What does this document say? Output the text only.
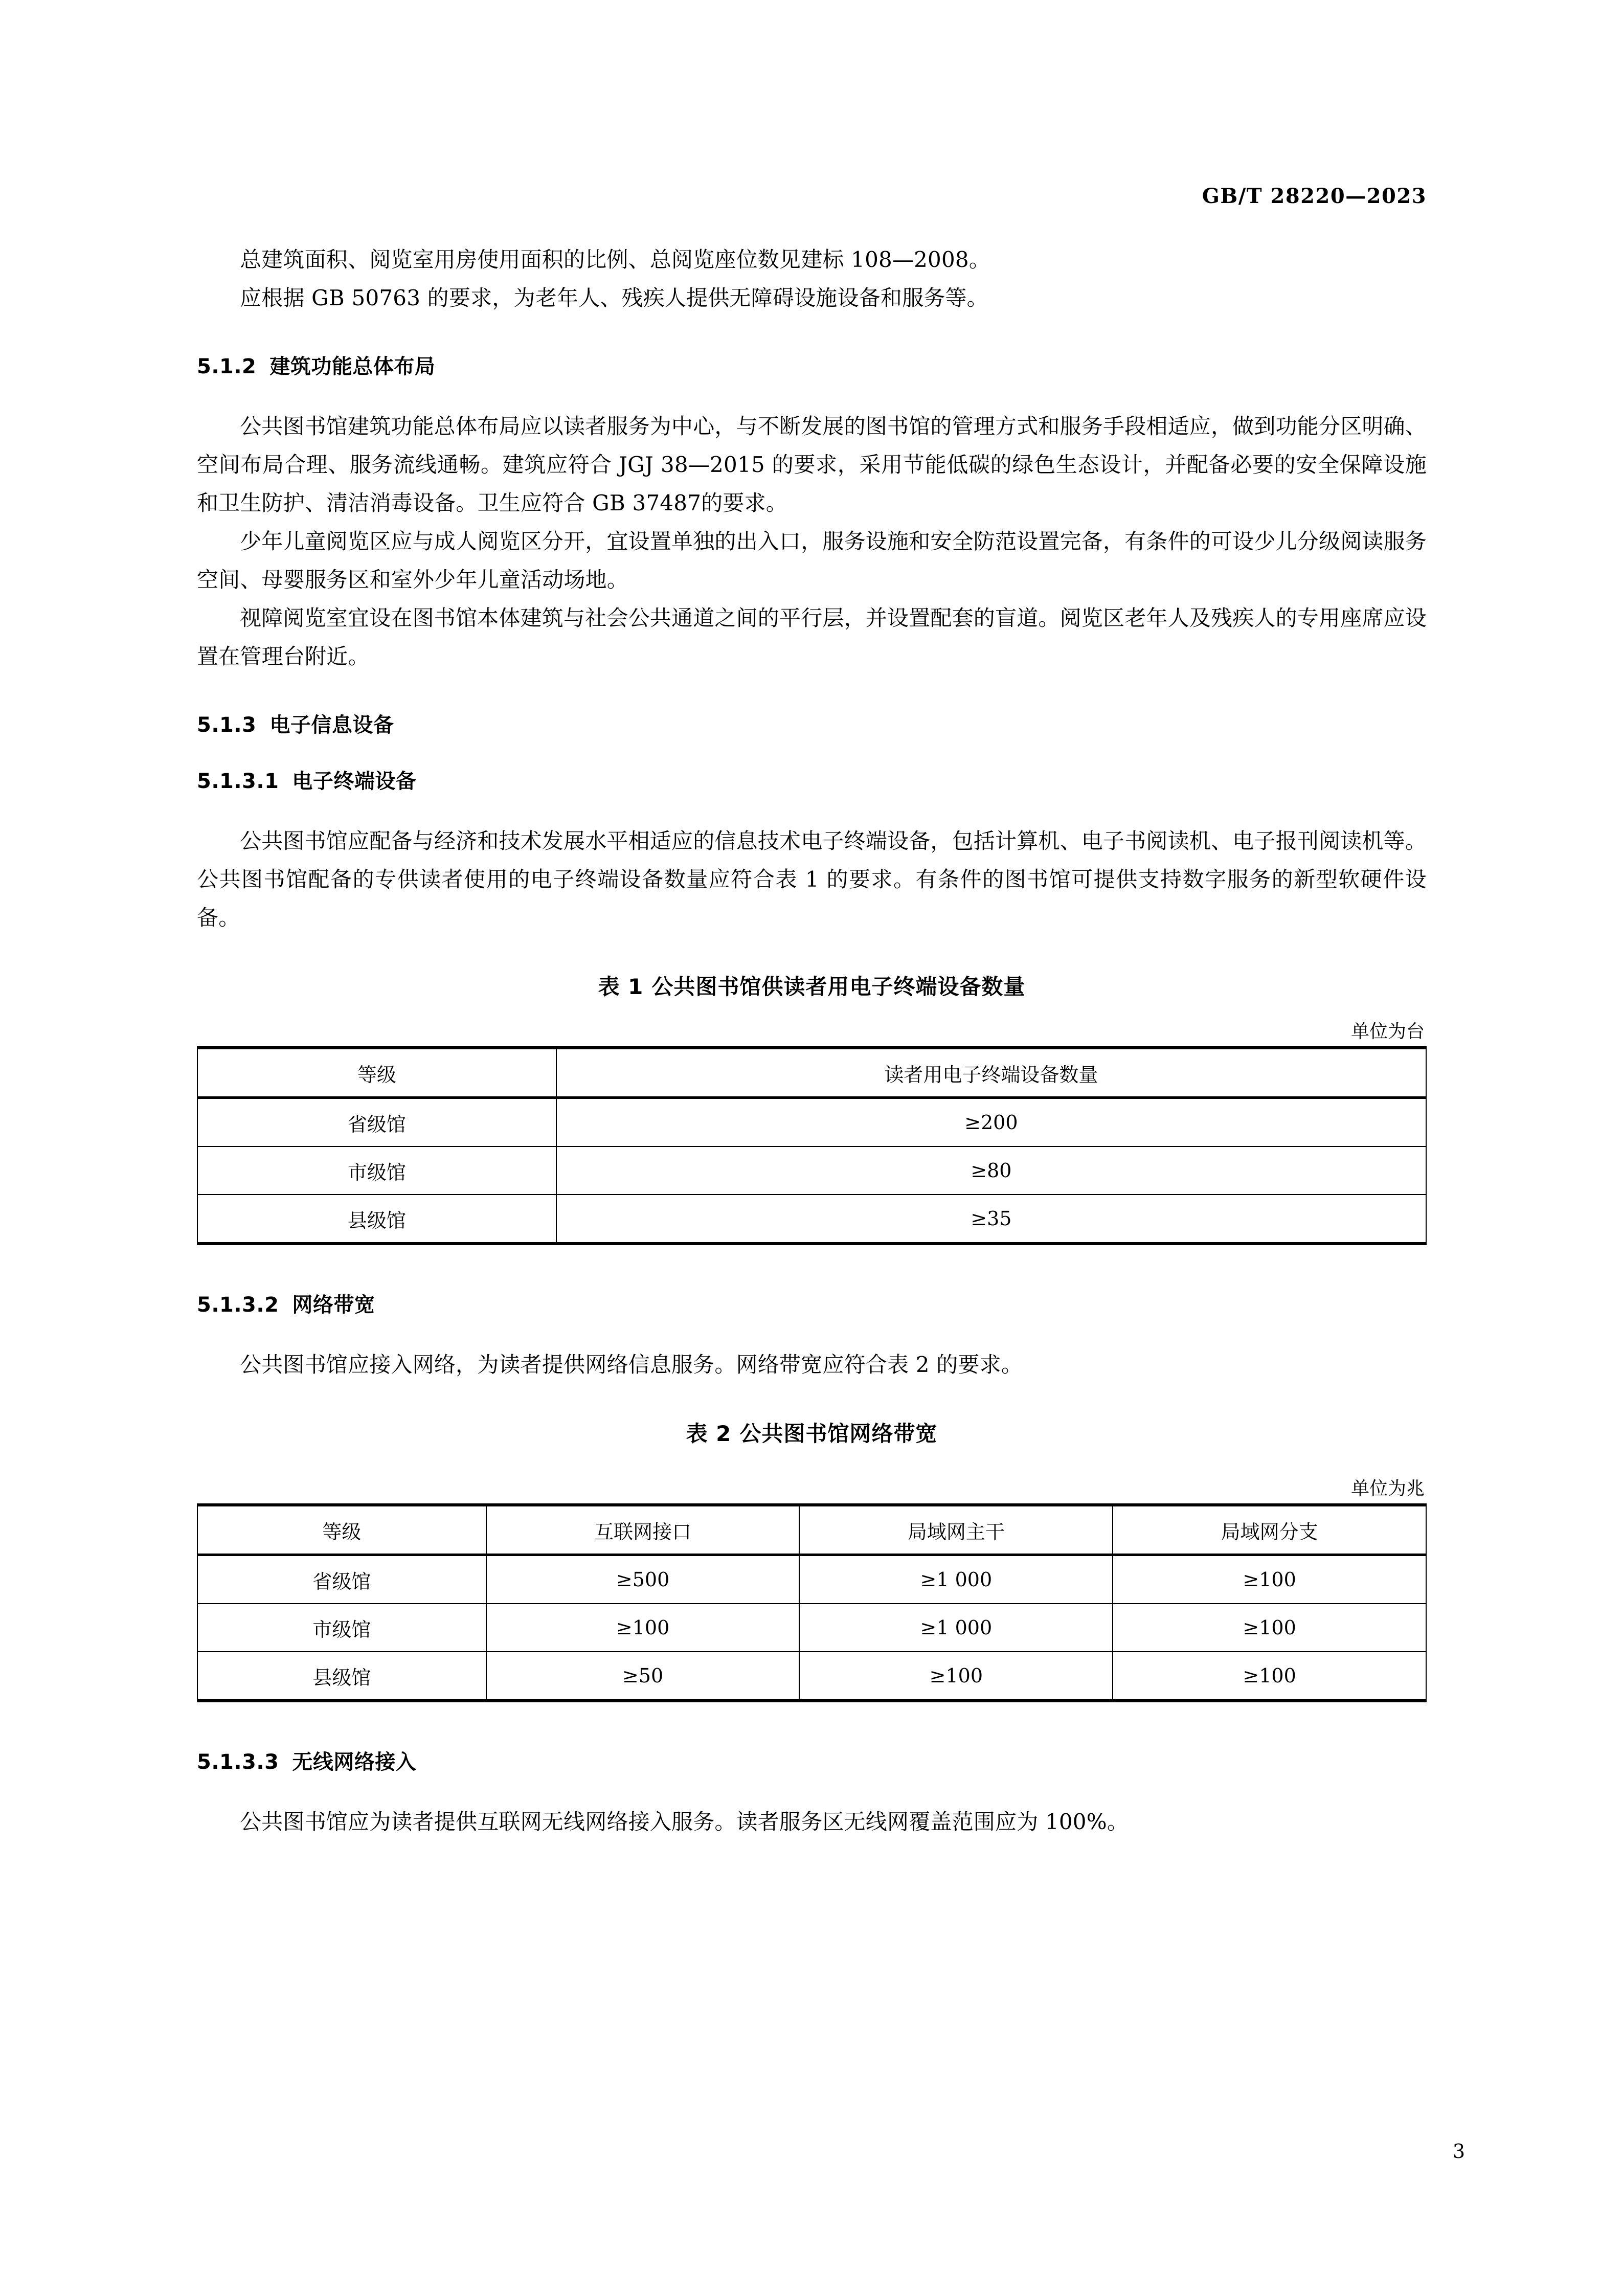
GB/T 28220—2023

总建筑面积、阅览室用房使用面积的比例、总阅览座位数见建标 108—2008。

应根据 GB 50763 的要求，为老年人、残疾人提供无障碍设施设备和服务等。

5.1.2 建筑功能总体布局

公共图书馆建筑功能总体布局应以读者服务为中心，与不断发展的图书馆的管理方式和服务手段相适应，做到功能分区明确、空间布局合理、服务流线通畅。建筑应符合 JGJ 38—2015 的要求，采用节能低碳的绿色生态设计，并配备必要的安全保障设施和卫生防护、清洁消毒设备。卫生应符合 GB 37487的要求。

少年儿童阅览区应与成人阅览区分开，宜设置单独的出入口，服务设施和安全防范设置完备，有条件的可设少儿分级阅读服务空间、母婴服务区和室外少年儿童活动场地。

视障阅览室宜设在图书馆本体建筑与社会公共通道之间的平行层，并设置配套的盲道。阅览区老年人及残疾人的专用座席应设置在管理台附近。

5.1.3 电子信息设备
5.1.3.1 电子终端设备

公共图书馆应配备与经济和技术发展水平相适应的信息技术电子终端设备，包括计算机、电子书阅读机、电子报刊阅读机等。公共图书馆配备的专供读者使用的电子终端设备数量应符合表 1 的要求。有条件的图书馆可提供支持数字服务的新型软硬件设备。

表 1 公共图书馆供读者用电子终端设备数量

单位为台

等级	读者用电子终端设备数量
省级馆	≥200
市级馆	≥80
县级馆	≥35
5.1.3.2 网络带宽

公共图书馆应接入网络，为读者提供网络信息服务。网络带宽应符合表 2 的要求。

表 2 公共图书馆网络带宽

单位为兆

等级	互联网接口	局域网主干	局域网分支
省级馆	≥500	≥1 000	≥100
市级馆	≥100	≥1 000	≥100
县级馆	≥50	≥100	≥100
5.1.3.3 无线网络接入

公共图书馆应为读者提供互联网无线网络接入服务。读者服务区无线网覆盖范围应为 100%。

3
